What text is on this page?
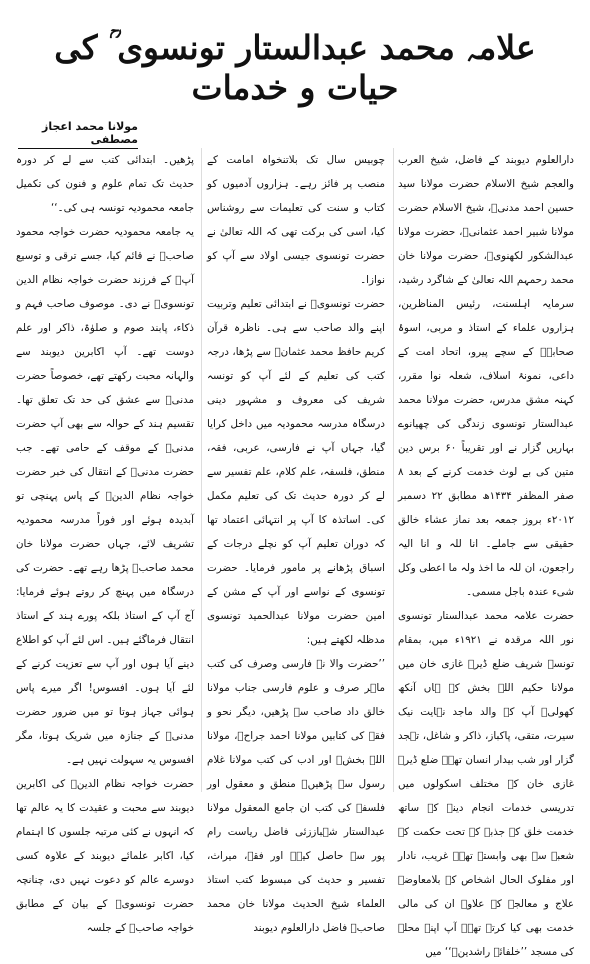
علامہ محمد عبدالستار تونسوی ؒ کی حیات و خدمات
مولانا محمد اعجاز مصطفی

دارالعلوم دیوبند کے فاضل، شیخ العرب والعجم شیخ الاسلام حضرت مولانا سید حسین احمد مدنیؒ، شیخ الاسلام حضرت مولانا شبیر احمد عثمانیؒ، حضرت مولانا عبدالشکور لکھنویؒ، حضرت مولانا خان محمد رحمہم اللہ تعالیٰ کے شاگرد رشید، سرمایہ اہلسنت، رئیس المناظرین، ہزاروں علماء کے استاذ و مربی، اسوۂ صحابہؓ کے سچے پیرو، اتحاد امت کے داعی، نمونۂ اسلاف، شعلہ نوا مقرر، کہنہ مشق مدرس، حضرت مولانا محمد عبدالستار تونسوی زندگی کی چھیانوے بہاریں گزار نے اور تقریباً ۶۰ برس دین متین کی بے لوث خدمت کرنے کے بعد ۸ صفر المظفر ۱۴۳۴ھ مطابق ۲۲ دسمبر ۲۰۱۲ء بروز جمعہ بعد نماز عشاء خالق حقیقی سے جاملے۔ انا للہ و انا الیہ راجعون، ان للہ ما اخذ ولہ ما اعطی وکل شیء عندہ باجل مسمی۔

حضرت علامہ محمد عبدالستار تونسوی نور اللہ مرقدہ نے ۱۹۲۱ء میں، بمقام تونسہ شریف ضلع ڈیرہ غازی خان میں مولانا حکیم اللہ بخش کے ہاں آنکھ کھولی۔ آپ کے والد ماجد نہایت نیک سیرت، متقی، پاکباز، ذاکر و شاغل، تہجد گزار اور شب بیدار انسان تھے۔ ضلع ڈیرہ غازی خان کے مختلف اسکولوں میں تدریسی خدمات انجام دینے کے ساتھ خدمت خلق کے جذبہ کے تحت حکمت کے شعبہ سے بھی وابستہ تھے۔ غریب، نادار اور مفلوک الحال اشخاص کے بلامعاوضہ علاج و معالجہ کے علاوہ ان کی مالی خدمت بھی کیا کرتے تھے۔ آپ اپنے محلہ کی مسجد ’’خلفائے راشدینؓ‘‘ میں

چوبیس سال تک بلاتنخواہ امامت کے منصب پر فائز رہے۔ ہزاروں آدمیوں کو کتاب و سنت کی تعلیمات سے روشناس کیا، اسی کی برکت تھی کہ اللہ تعالیٰ نے حضرت تونسوی جیسی اولاد سے آپ کو نوازا۔

حضرت تونسویؒ نے ابتدائی تعلیم وتربیت اپنے والد صاحب سے ہی۔ ناظرہ قرآن کریم حافظ محمد عثمانؒ سے پڑھا، درجہ کتب کی تعلیم کے لئے آپ کو تونسہ شریف کی معروف و مشہور دینی درسگاہ مدرسہ محمودیہ میں داخل کرایا گیا، جہاں آپ نے فارسی، عربی، فقہ، منطق، فلسفہ، علم کلام، علم تفسیر سے لے کر دورہ حدیث تک کی تعلیم مکمل کی۔ اساتذہ کا آپ پر انتہائی اعتماد تھا کہ دوران تعلیم آپ کو نچلے درجات کے اسباق پڑھانے پر مامور فرمایا۔ حضرت تونسوی کے نواسے اور آپ کے مشن کے امین حضرت مولانا عبدالحمید تونسوی مدظلہ لکھتے ہیں:

’’حضرت والا نے فارسی وصرف کی کتب ماہر صرف و علوم فارسی جناب مولانا خالق داد صاحب سے پڑھیں، دیگر نحو و فقہ کی کتابیں مولانا احمد جراحؒ، مولانا اللہ بخشؒ اور ادب کی کتب مولانا غلام رسول سے پڑھیں۔ منطق و معقول اور فلسفہ کی کتب ان جامع المعقول مولانا عبدالستار شہباززئی فاضل ریاست رام پور سے حاصل کیے۔ اور فقہ، میراث، تفسیر و حدیث کی مبسوط کتب استاذ العلماء شیخ الحدیث مولانا خان محمد صاحبؒ فاضل دارالعلوم دیوبند

پڑھیں۔ ابتدائی کتب سے لے کر دورہ حدیث تک تمام علوم و فنون کی تکمیل جامعہ محمودیہ تونسہ ہی کی۔‘‘

یہ جامعہ محمودیہ حضرت خواجہ محمود صاحبؒ نے قائم کیا، جسے ترقی و توسیع آپؒ کے فرزند حضرت خواجہ نظام الدین تونسویؒ نے دی۔ موصوف صاحب فہم و ذکاء، پابند صوم و صلوٰۃ، ذاکر اور علم دوست تھے۔ آپ اکابرین دیوبند سے والہانہ محبت رکھتے تھے، خصوصاً حضرت مدنیؒ سے عشق کی حد تک تعلق تھا۔ تقسیم ہند کے حوالہ سے بھی آپ حضرت مدنیؒ کے موقف کے حامی تھے۔ جب حضرت مدنیؒ کے انتقال کی خبر حضرت خواجہ نظام الدینؒ کے پاس پہنچی تو آبدیدہ ہوئے اور فوراً مدرسہ محمودیہ تشریف لائے، جہاں حضرت مولانا خان محمد صاحبؒ پڑھا رہے تھے۔ حضرت کی درسگاہ میں پہنچ کر روتے ہوئے فرمایا: آج آپ کے استاذ بلکہ پورے ہند کے استاذ انتقال فرماگئے ہیں۔ اس لئے آپ کو اطلاع دینے آیا ہوں اور آپ سے تعزیت کرنے کے لئے آیا ہوں۔ افسوس! اگر میرے پاس ہوائی جہاز ہوتا تو میں ضرور حضرت مدنیؒ کے جنازہ میں شریک ہوتا، مگر افسوس یہ سہولت نہیں ہے۔

حضرت خواجہ نظام الدینؒ کی اکابرین دیوبند سے محبت و عقیدت کا یہ عالم تھا کہ انہوں نے کئی مرتبہ جلسوں کا اہتمام کیا، اکابر علمائے دیوبند کے علاوہ کسی دوسرے عالم کو دعوت نہیں دی، چنانچہ حضرت تونسویؒ کے بیان کے مطابق خواجہ صاحبؒ کے جلسہ
